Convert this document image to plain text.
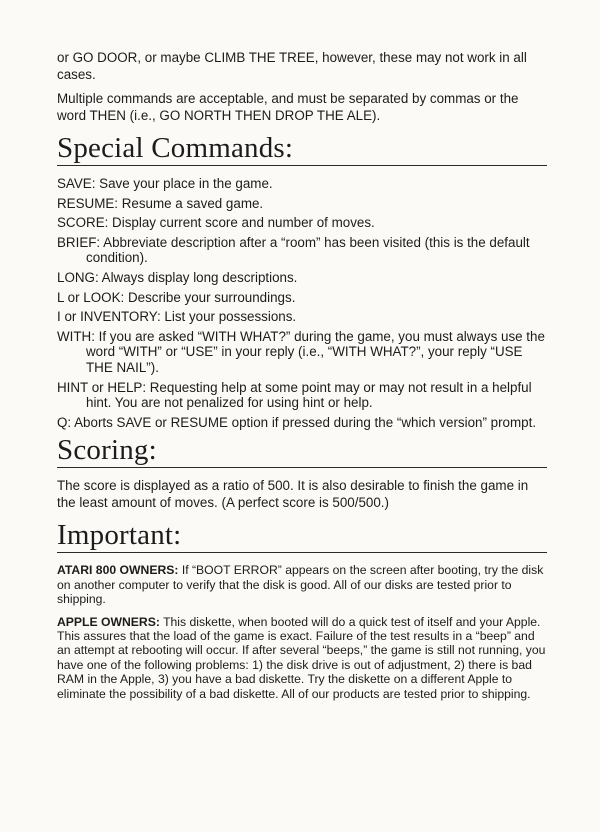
or GO DOOR, or maybe CLIMB THE TREE, however, these may not work in all cases.

Multiple commands are acceptable, and must be separated by commas or the word THEN (i.e., GO NORTH THEN DROP THE ALE).

Special Commands:
SAVE: Save your place in the game.
RESUME: Resume a saved game.
SCORE: Display current score and number of moves.
BRIEF: Abbreviate description after a “room” has been visited (this is the default condition).
LONG: Always display long descriptions.
L or LOOK: Describe your surroundings.
I or INVENTORY: List your possessions.
WITH: If you are asked “WITH WHAT?” during the game, you must always use the word “WITH” or “USE” in your reply (i.e., “WITH WHAT?”, your reply “USE THE NAIL”).
HINT or HELP: Requesting help at some point may or may not result in a helpful hint. You are not penalized for using hint or help.
Q: Aborts SAVE or RESUME option if pressed during the “which version” prompt.
Scoring:

The score is displayed as a ratio of 500. It is also desirable to finish the game in the least amount of moves. (A perfect score is 500/500.)

Important:

ATARI 800 OWNERS: If “BOOT ERROR” appears on the screen after booting, try the disk on another computer to verify that the disk is good. All of our disks are tested prior to shipping.

APPLE OWNERS: This diskette, when booted will do a quick test of itself and your Apple. This assures that the load of the game is exact. Failure of the test results in a “beep” and an attempt at rebooting will occur. If after several “beeps,” the game is still not running, you have one of the following problems: 1) the disk drive is out of adjustment, 2) there is bad RAM in the Apple, 3) you have a bad diskette. Try the diskette on a different Apple to eliminate the possibility of a bad diskette. All of our products are tested prior to shipping.
